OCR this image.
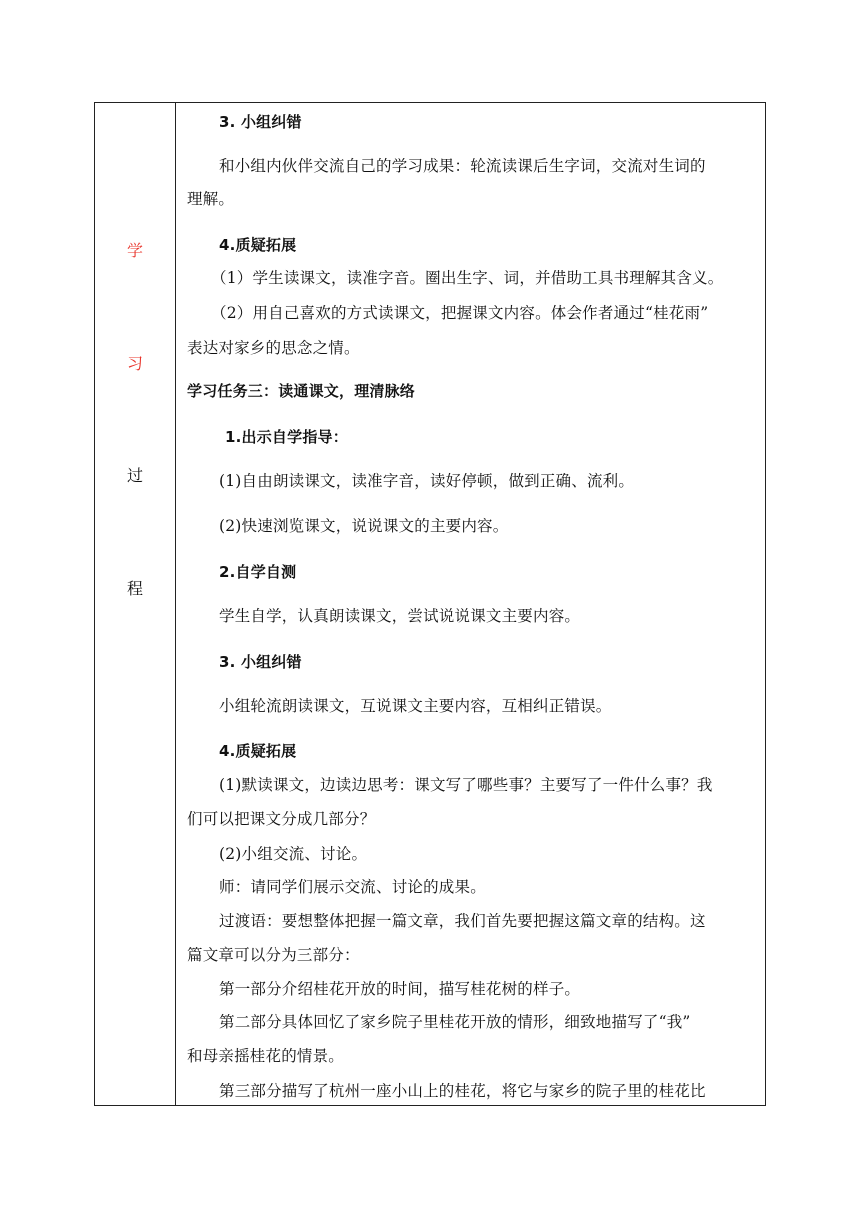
学
习
过
程
3. 小组纠错
和小组内伙伴交流自己的学习成果：轮流读课后生字词，交流对生词的
理解。
4.质疑拓展
（1）学生读课文，读准字音。圈出生字、词，并借助工具书理解其含义。
（2）用自己喜欢的方式读课文，把握课文内容。体会作者通过“桂花雨”
表达对家乡的思念之情。
学习任务三：读通课文，理清脉络
1.出示自学指导：
(1)自由朗读课文，读准字音，读好停顿，做到正确、流利。
(2)快速浏览课文，说说课文的主要内容。
2.自学自测
学生自学，认真朗读课文，尝试说说课文主要内容。
3. 小组纠错
小组轮流朗读课文，互说课文主要内容，互相纠正错误。
4.质疑拓展
(1)默读课文，边读边思考：课文写了哪些事？主要写了一件什么事？我
们可以把课文分成几部分？
(2)小组交流、讨论。
师：请同学们展示交流、讨论的成果。
过渡语：要想整体把握一篇文章，我们首先要把握这篇文章的结构。这
篇文章可以分为三部分：
第一部分介绍桂花开放的时间，描写桂花树的样子。
第二部分具体回忆了家乡院子里桂花开放的情形，细致地描写了“我”
和母亲摇桂花的情景。
第三部分描写了杭州一座小山上的桂花，将它与家乡的院子里的桂花比
